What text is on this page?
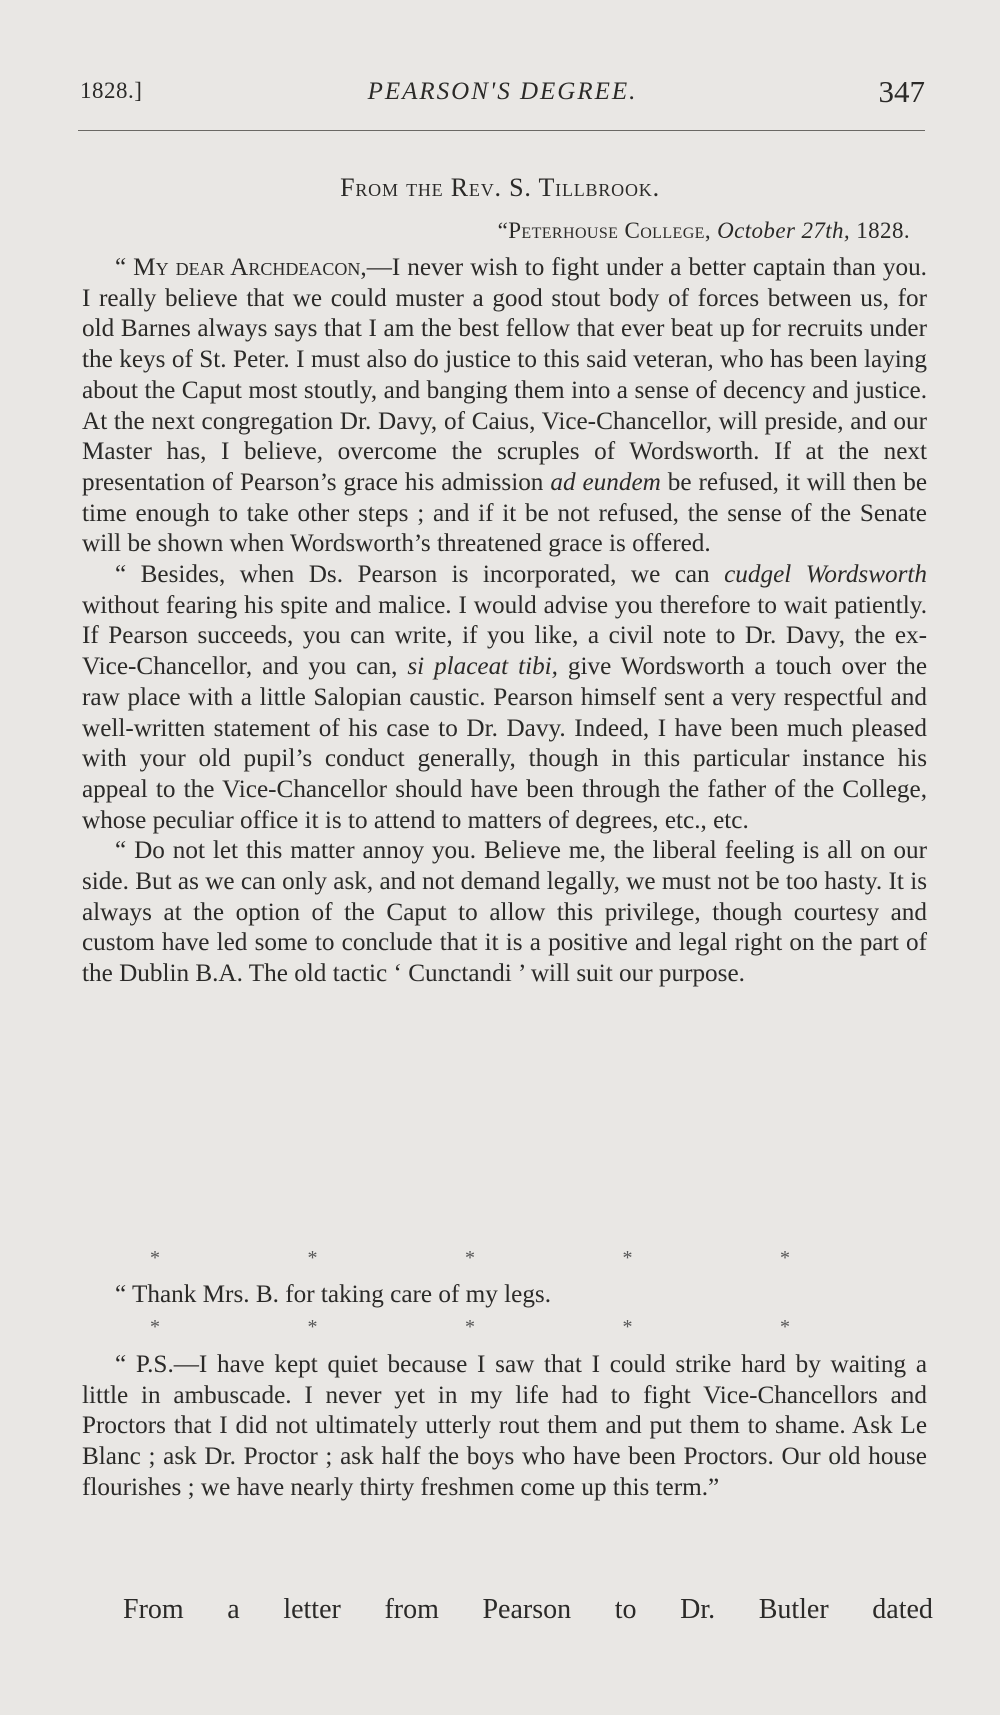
1828.]	PEARSON'S DEGREE.	347
From the Rev. S. Tillbrook.
“Peterhouse College, October 27th, 1828.

“ My dear Archdeacon,—I never wish to fight under a better captain than you. I really believe that we could muster a good stout body of forces between us, for old Barnes always says that I am the best fellow that ever beat up for recruits under the keys of St. Peter. I must also do justice to this said veteran, who has been laying about the Caput most stoutly, and banging them into a sense of decency and justice. At the next congregation Dr. Davy, of Caius, Vice-Chancellor, will preside, and our Master has, I believe, overcome the scruples of Wordsworth. If at the next presentation of Pearson’s grace his admission ad eundem be refused, it will then be time enough to take other steps ; and if it be not refused, the sense of the Senate will be shown when Wordsworth’s threatened grace is offered.

“ Besides, when Ds. Pearson is incorporated, we can cudgel Wordsworth without fearing his spite and malice. I would advise you therefore to wait patiently. If Pearson succeeds, you can write, if you like, a civil note to Dr. Davy, the ex-Vice-Chancellor, and you can, si placeat tibi, give Wordsworth a touch over the raw place with a little Salopian caustic. Pearson himself sent a very respectful and well-written statement of his case to Dr. Davy. Indeed, I have been much pleased with your old pupil’s conduct generally, though in this particular instance his appeal to the Vice-Chancellor should have been through the father of the College, whose peculiar office it is to attend to matters of degrees, etc., etc.

“ Do not let this matter annoy you. Believe me, the liberal feeling is all on our side. But as we can only ask, and not demand legally, we must not be too hasty. It is always at the option of the Caput to allow this privilege, though courtesy and custom have led some to conclude that it is a positive and legal right on the part of the Dublin B.A. The old tactic ‘ Cunctandi ’ will suit our purpose.

*	*	*	*	*
“ Thank Mrs. B. for taking care of my legs.
*	*	*	*	*

“ P.S.—I have kept quiet because I saw that I could strike hard by waiting a little in ambuscade. I never yet in my life had to fight Vice-Chancellors and Proctors that I did not ultimately utterly rout them and put them to shame. Ask Le Blanc ; ask Dr. Proctor ; ask half the boys who have been Proctors. Our old house flourishes ; we have nearly thirty freshmen come up this term.”

From a letter from Pearson to Dr. Butler dated
